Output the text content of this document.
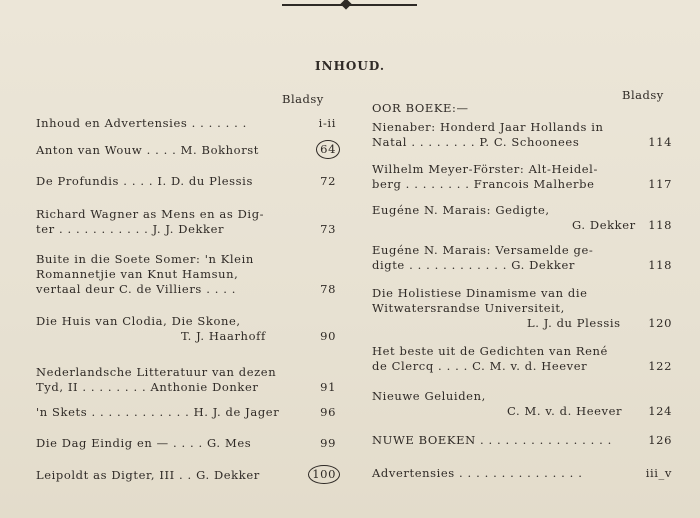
INHOUD.
Bladsy
Inhoud en Advertensies . . . . . . .	i-ii
Anton van Wouw . . . . M. Bokhorst	64
De Profundis . . . . I. D. du Plessis	72
Richard Wagner as Mens en as Dig-
ter . . . . . . . . . . . J. J. Dekker	73
Buite in die Soete Somer: 'n Klein
Romannetjie van Knut Hamsun,
vertaal deur C. de Villiers . . . .	78
Die Huis van Clodia, Die Skone,
T. J. Haarhoff	90
Nederlandsche Litteratuur van dezen
Tyd, II . . . . . . . . Anthonie Donker	91
'n Skets . . . . . . . . . . . . H. J. de Jager	96
Die Dag Eindig en — . . . . G. Mes	99
Leipoldt as Digter, III . . G. Dekker	100
Bladsy
OOR BOEKE:—
Nienaber: Honderd Jaar Hollands in
Natal . . . . . . . . P. C. Schoonees	114
Wilhelm Meyer-Förster: Alt-Heidel-
berg . . . . . . . . Francois Malherbe	117
Eugéne N. Marais: Gedigte,
G. Dekker 118
Eugéne N. Marais: Versamelde ge-
digte . . . . . . . . . . . . G. Dekker	118
Die Holistiese Dinamisme van die
Witwatersrandse Universiteit,
L. J. du Plessis 120
Het beste uit de Gedichten van René
de Clercq . . . . C. M. v. d. Heever	122
Nieuwe Geluiden,
C. M. v. d. Heever 124
NUWE BOEKEN . . . . . . . . . . . . . . . .	126
Advertensies . . . . . . . . . . . . . . .	iii_v
